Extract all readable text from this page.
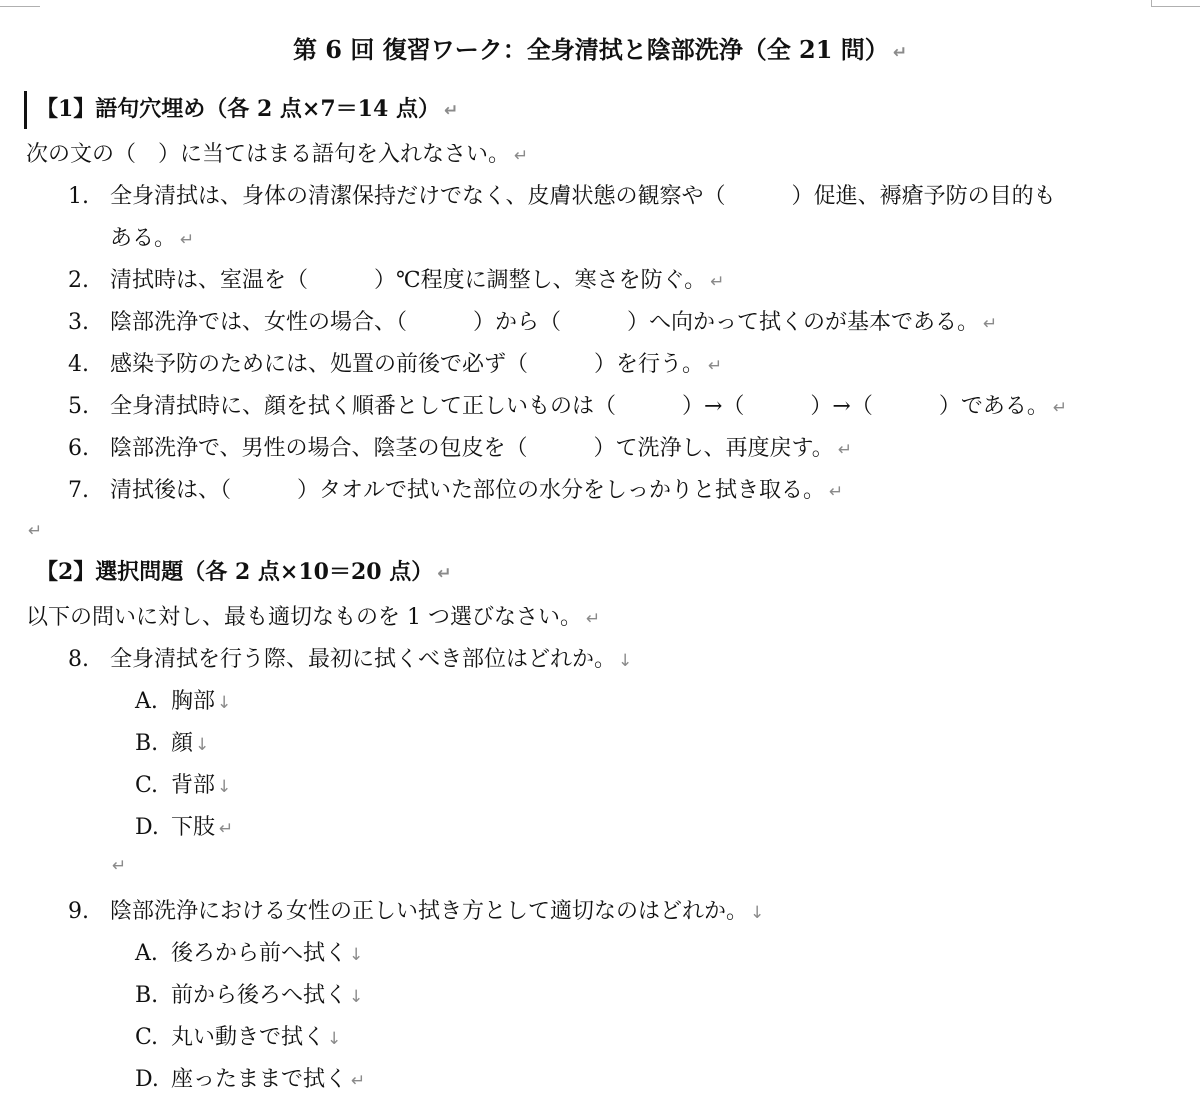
第 6 回 復習ワーク：全身清拭と陰部洗浄（全 21 問） ↵
【1】語句穴埋め（各 2 点×7＝14 点） ↵
次の文の（　）に当てはまる語句を入れなさい。 ↵
1. 全身清拭は、身体の清潔保持だけでなく、皮膚状態の観察や（　　　）促進、褥瘡予防の目的も
ある。 ↵
2. 清拭時は、室温を（　　　）℃程度に調整し、寒さを防ぐ。 ↵
3. 陰部洗浄では、女性の場合、（　　　）から（　　　）へ向かって拭くのが基本である。 ↵
4. 感染予防のためには、処置の前後で必ず（　　　）を行う。 ↵
5. 全身清拭時に、顔を拭く順番として正しいものは（　　　）→（　　　）→（　　　）である。 ↵
6. 陰部洗浄で、男性の場合、陰茎の包皮を（　　　）て洗浄し、再度戻す。 ↵
7. 清拭後は、（　　　）タオルで拭いた部位の水分をしっかりと拭き取る。 ↵
↵
【2】選択問題（各 2 点×10＝20 点） ↵
以下の問いに対し、最も適切なものを 1 つ選びなさい。 ↵
8. 全身清拭を行う際、最初に拭くべき部位はどれか。 ↓
A. 胸部 ↓
B. 顔 ↓
C. 背部 ↓
D. 下肢 ↵
↵
9. 陰部洗浄における女性の正しい拭き方として適切なのはどれか。 ↓
A. 後ろから前へ拭く ↓
B. 前から後ろへ拭く ↓
C. 丸い動きで拭く ↓
D. 座ったままで拭く ↵
